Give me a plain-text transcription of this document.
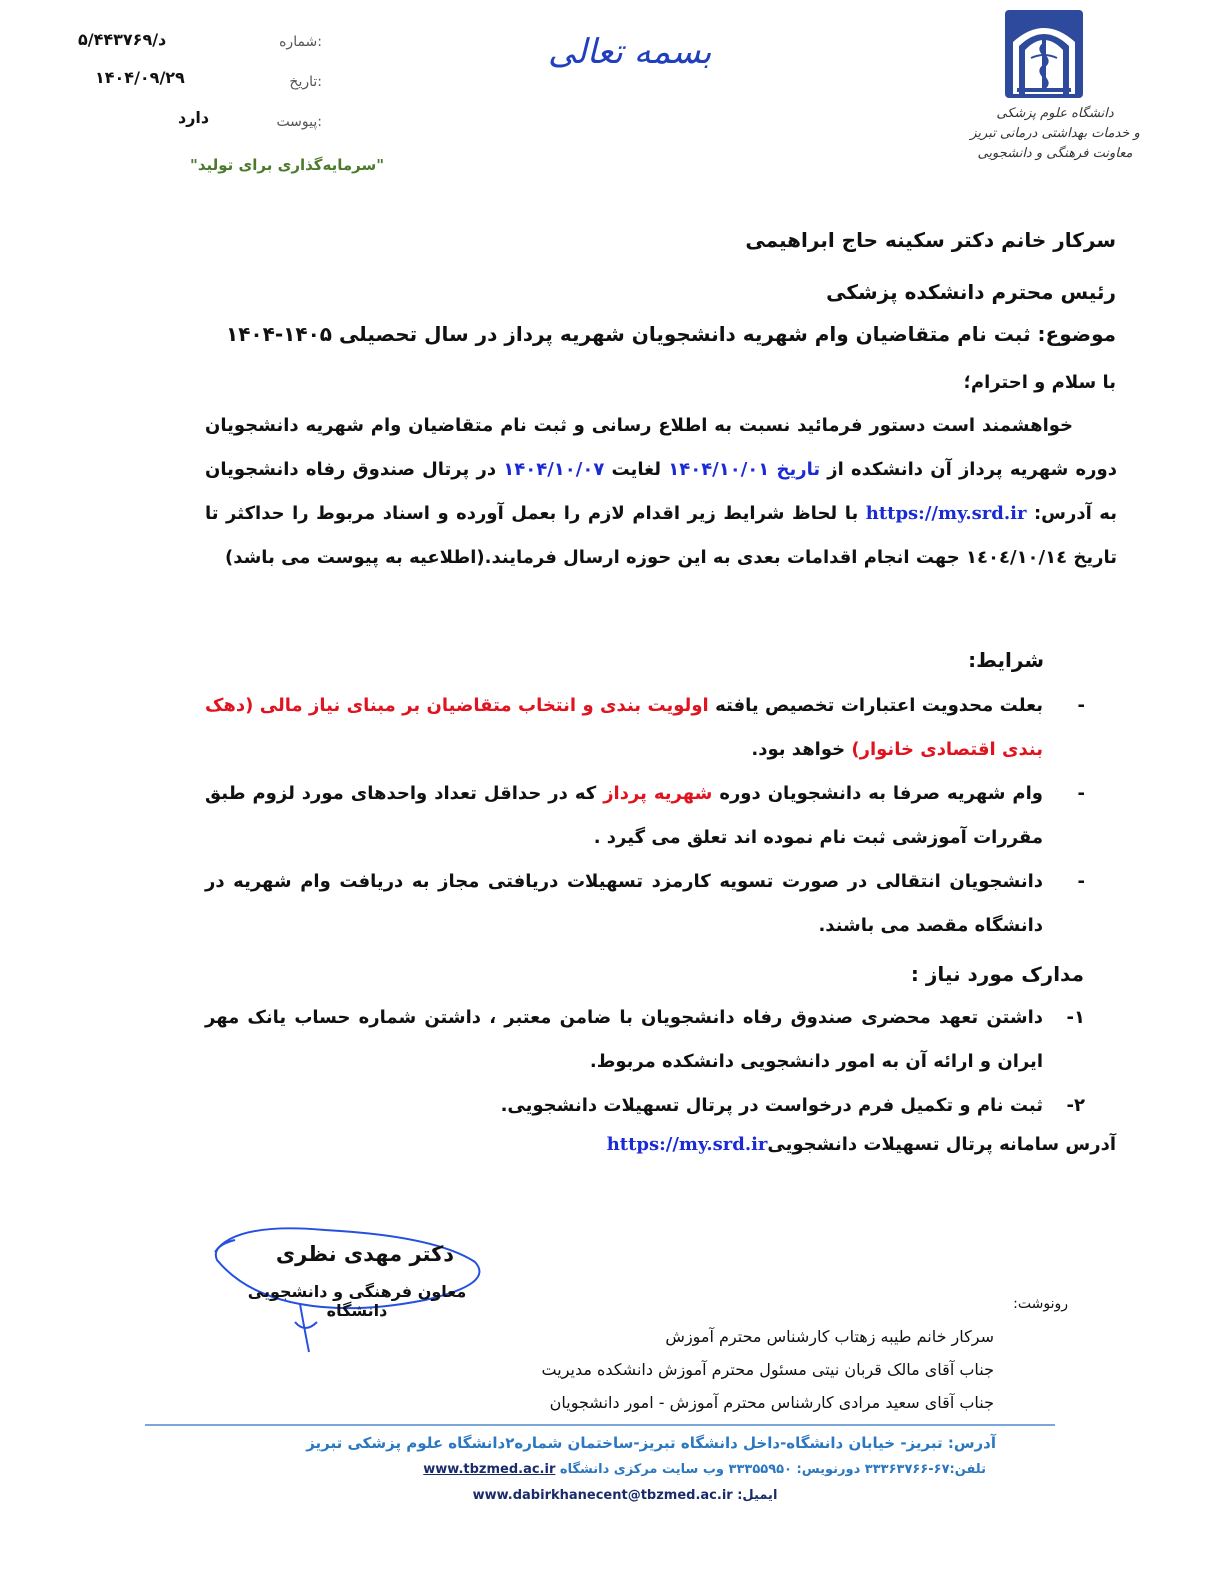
شماره:
۵/د/۴۴۳۷۶۹
تاریخ:
۱۴۰۴/۰۹/۲۹
پیوست:
دارد
"سرمایه‌گذاری برای تولید"
بسمه تعالی
دانشگاه علوم پزشکی
و خدمات بهداشتی درمانی تبریز
معاونت فرهنگی و دانشجویی
سرکار خانم دکتر سکینه حاج ابراهیمی
رئیس محترم دانشکده پزشکی
موضوع: ثبت نام متقاضیان وام شهریه دانشجویان شهریه پرداز در سال تحصیلی ۱۴۰۵-۱۴۰۴
با سلام و احترام؛
خواهشمند است دستور فرمائید نسبت به اطلاع رسانی و ثبت نام متقاضیان وام شهریه دانشجویان دوره شهریه پرداز آن دانشکده از تاریخ ۱۴۰۴/۱۰/۰۱ لغایت ۱۴۰۴/۱۰/۰۷ در پرتال صندوق رفاه دانشجویان به آدرس: https://my.srd.ir با لحاظ شرایط زیر اقدام لازم را بعمل آورده و اسناد مربوط را حداکثر تا تاریخ ١٤٠٤/١٠/١٤ جهت انجام اقدامات بعدی به این حوزه ارسال فرمایند.(اطلاعیه به پیوست می باشد)
شرایط:
-
بعلت محدویت اعتبارات تخصیص یافته اولویت بندی و انتخاب متقاضیان بر مبنای نیاز مالی (دهک بندی اقتصادی خانوار) خواهد بود.
-
وام شهریه صرفا به دانشجویان دوره شهریه پرداز که در حداقل تعداد واحدهای مورد لزوم طبق مقررات آموزشی ثبت نام نموده اند تعلق می گیرد .
-
دانشجویان انتقالی در صورت تسویه کارمزد تسهیلات دریافتی مجاز به دریافت وام شهریه در دانشگاه مقصد می باشند.
مدارک مورد نیاز :
۱-
داشتن تعهد محضری صندوق رفاه دانشجویان با ضامن معتبر ، داشتن شماره حساب یانک مهر ایران و ارائه آن به امور دانشجویی دانشکده مربوط.
۲-
ثبت نام و تکمیل فرم درخواست در پرتال تسهیلات دانشجویی.
آدرس سامانه پرتال تسهیلات دانشجوییhttps://my.srd.ir
دکتر مهدی نظری
معاون فرهنگی و دانشجویی دانشگاه	رونوشت:
سرکار خانم طیبه زهتاب کارشناس محترم آموزش
جناب آقای مالک قربان نیتی مسئول محترم آموزش دانشکده مدیریت
جناب آقای سعید مرادی کارشناس محترم آموزش - امور دانشجویان
آدرس: تبریز- خیابان دانشگاه-داخل دانشگاه تبریز-ساختمان شماره۲دانشگاه علوم پزشکی تبریز
تلفن:۶۷-۳۳۳۶۳۷۶۶ دورنویس: ۳۳۳۵۵۹۵۰ وب سایت مرکزی دانشگاه www.tbzmed.ac.ir
ایمیل: www.dabirkhanecent@tbzmed.ac.ir
